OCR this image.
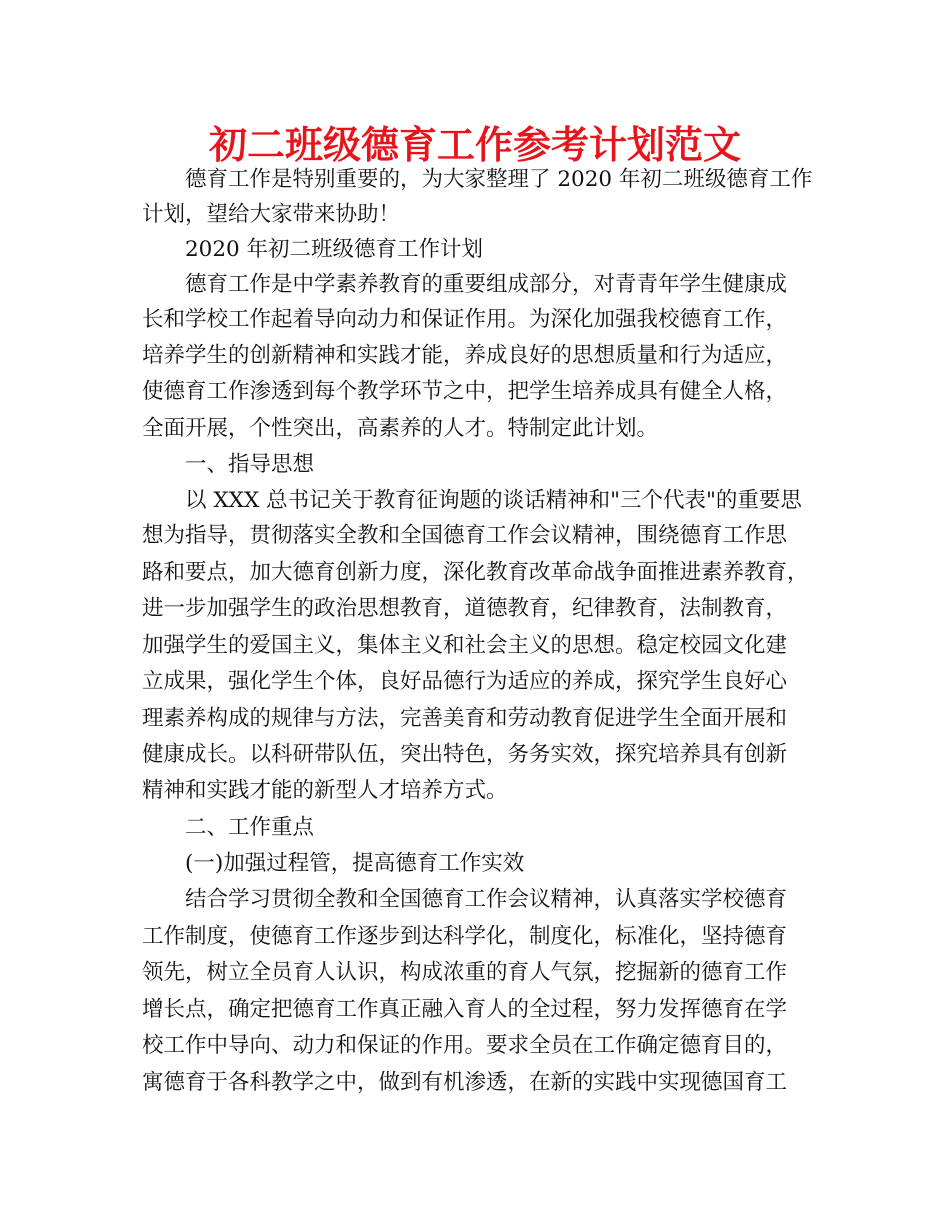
初二班级德育工作参考计划范文

德育工作是特别重要的，为大家整理了 2020 年初二班级德育工作

计划，望给大家带来协助！

2020 年初二班级德育工作计划

德育工作是中学素养教育的重要组成部分，对青青年学生健康成

长和学校工作起着导向动力和保证作用。为深化加强我校德育工作，

培养学生的创新精神和实践才能，养成良好的思想质量和行为适应，

使德育工作渗透到每个教学环节之中，把学生培养成具有健全人格，

全面开展，个性突出，高素养的人才。特制定此计划。

一、指导思想

以 XXX 总书记关于教育征询题的谈话精神和"三个代表"的重要思

想为指导，贯彻落实全教和全国德育工作会议精神，围绕德育工作思

路和要点，加大德育创新力度，深化教育改革命战争面推进素养教育，

进一步加强学生的政治思想教育，道德教育，纪律教育，法制教育，

加强学生的爱国主义，集体主义和社会主义的思想。稳定校园文化建

立成果，强化学生个体，良好品德行为适应的养成，探究学生良好心

理素养构成的规律与方法，完善美育和劳动教育促进学生全面开展和

健康成长。以科研带队伍，突出特色，务务实效，探究培养具有创新

精神和实践才能的新型人才培养方式。

二、工作重点

(一)加强过程管，提高德育工作实效

结合学习贯彻全教和全国德育工作会议精神，认真落实学校德育

工作制度，使德育工作逐步到达科学化，制度化，标准化，坚持德育

领先，树立全员育人认识，构成浓重的育人气氛，挖掘新的德育工作

增长点，确定把德育工作真正融入育人的全过程，努力发挥德育在学

校工作中导向、动力和保证的作用。要求全员在工作确定德育目的，

寓德育于各科教学之中，做到有机渗透，在新的实践中实现德国育工
